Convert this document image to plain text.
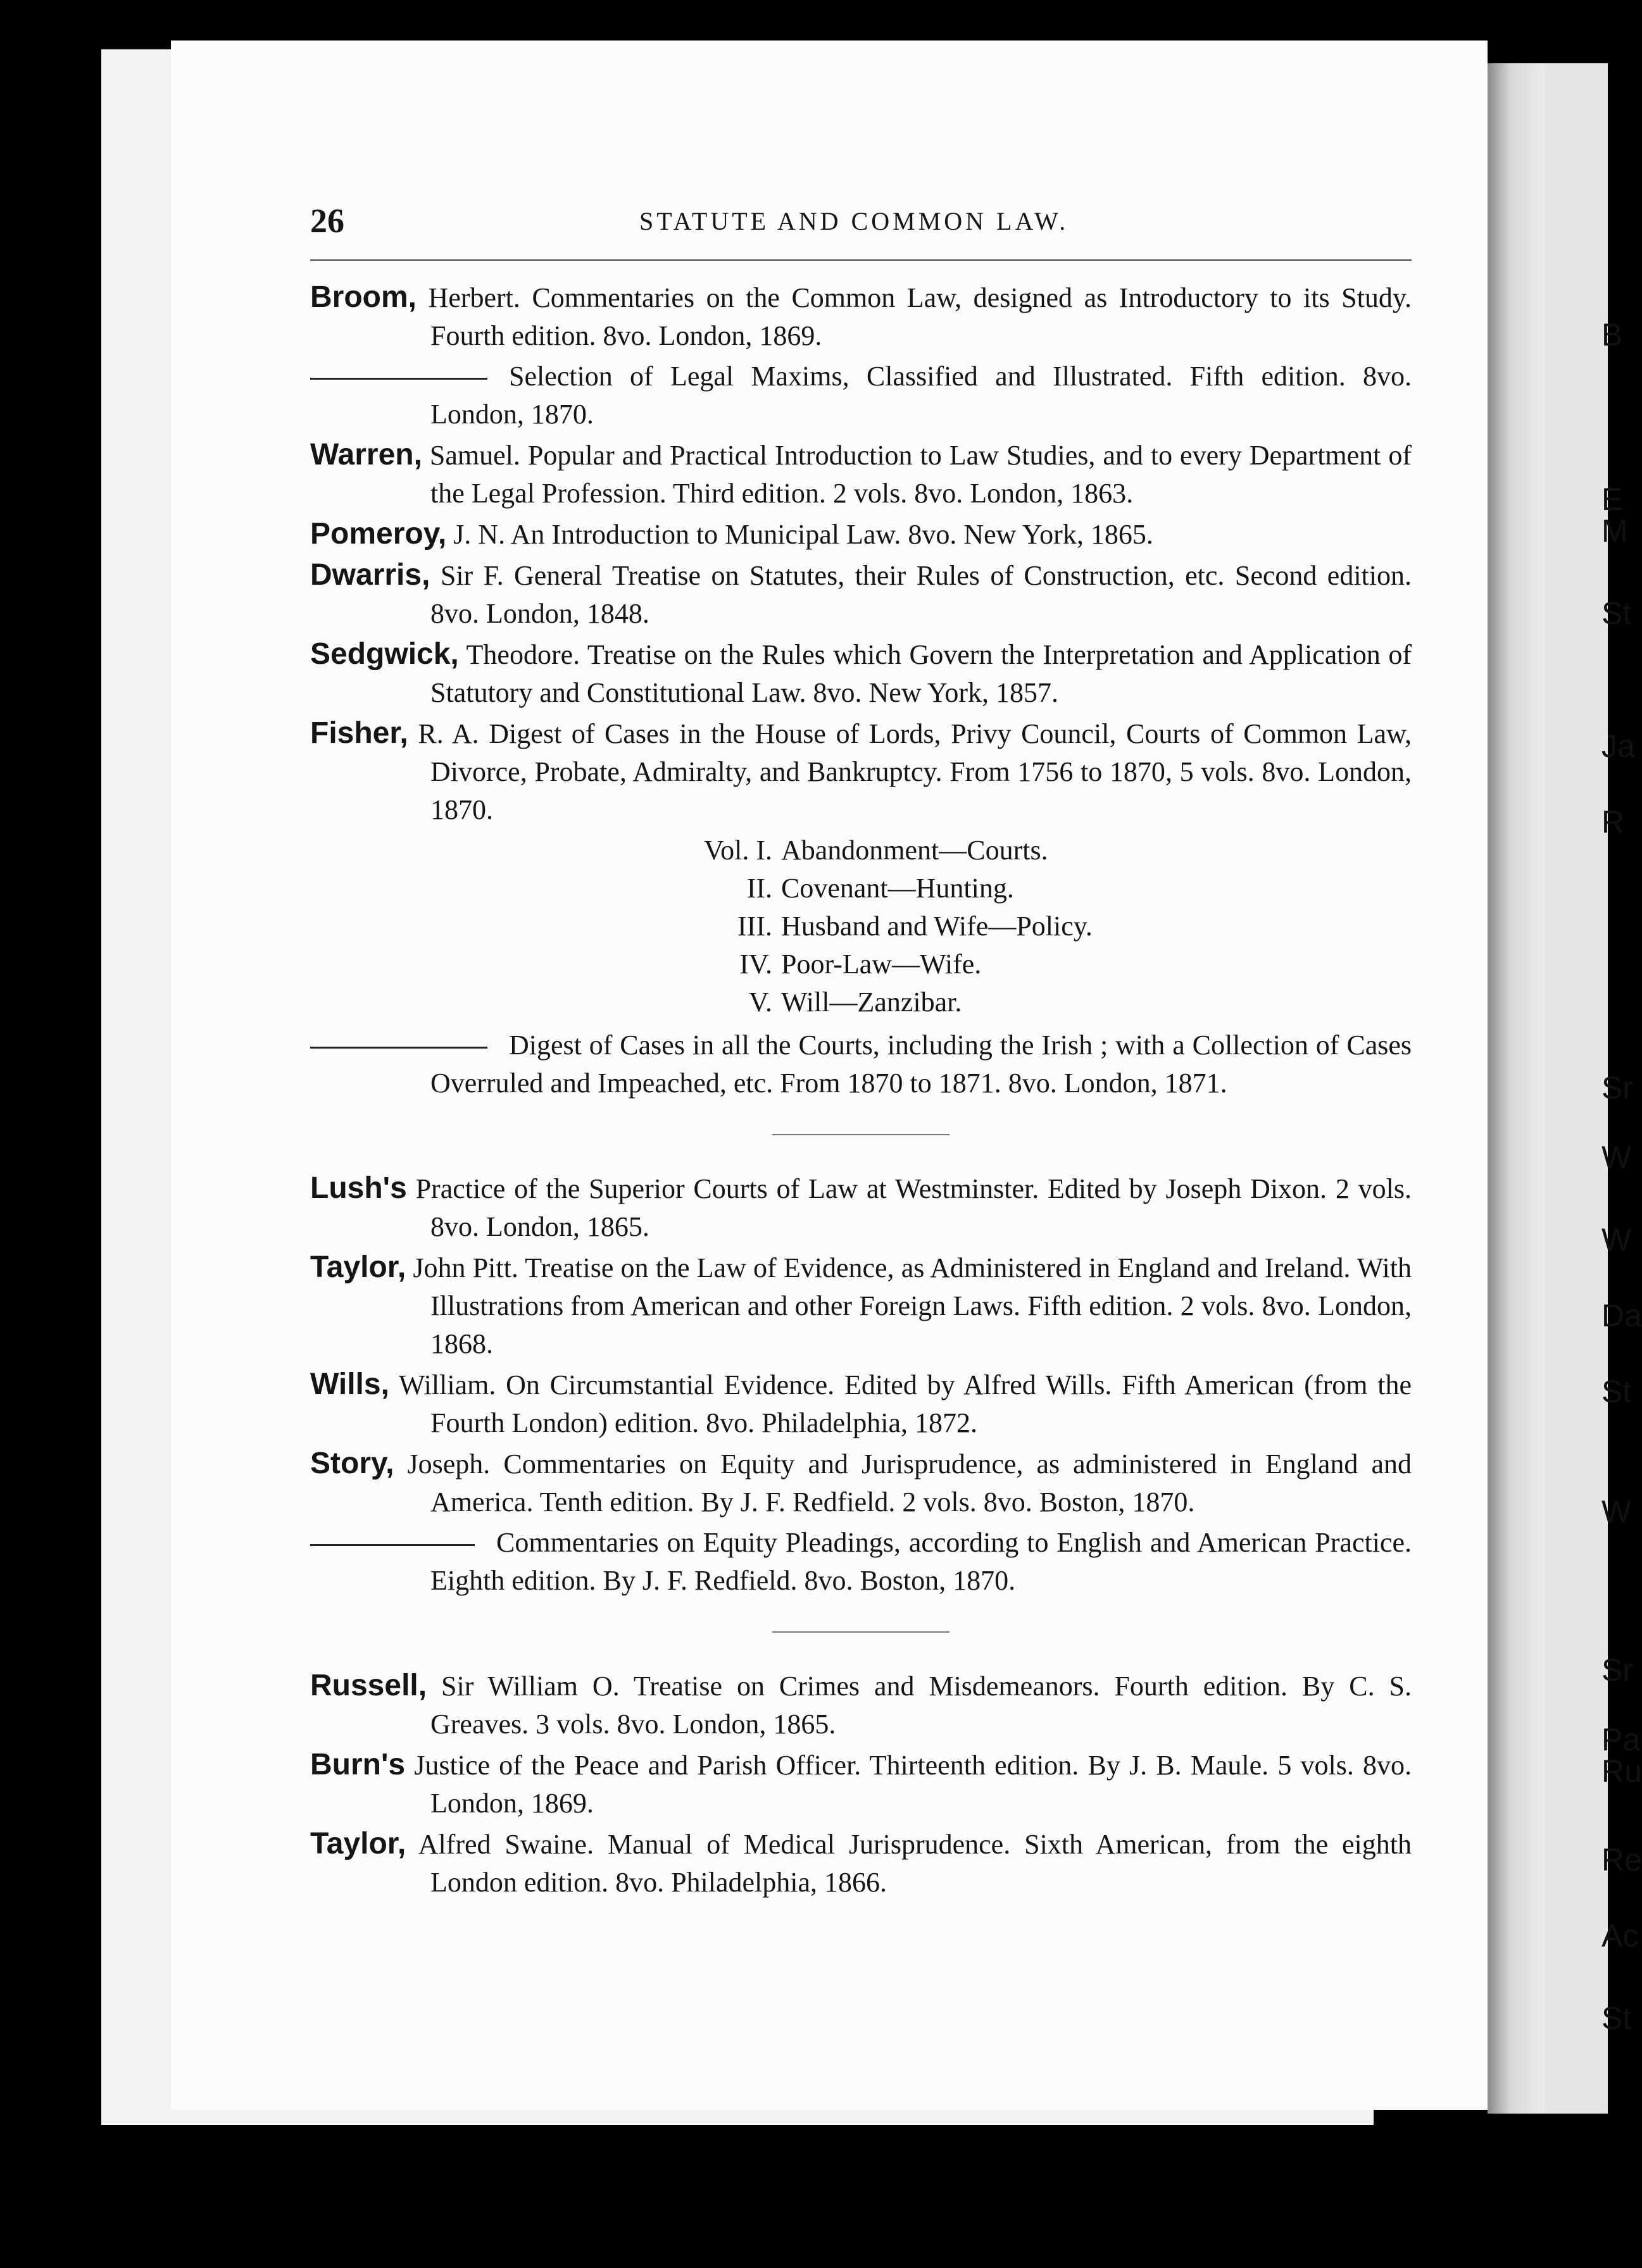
B
E
M
St
Ja
R
Sr
W
W
Da
St
W
Sr
Pa
Ru
Re
Ac
St
26	STATUTE AND COMMON LAW.

Broom, Herbert. Commentaries on the Common Law, designed as Introductory to its Study. Fourth edition. 8vo. London, 1869.

Selection of Legal Maxims, Classified and Illustrated. Fifth edition. 8vo. London, 1870.

Warren, Samuel. Popular and Practical Introduction to Law Studies, and to every Department of the Legal Profession. Third edition. 2 vols. 8vo. London, 1863.

Pomeroy, J. N. An Introduction to Municipal Law. 8vo. New York, 1865.

Dwarris, Sir F. General Treatise on Statutes, their Rules of Construction, etc. Second edition. 8vo. London, 1848.

Sedgwick, Theodore. Treatise on the Rules which Govern the Interpretation and Application of Statutory and Constitutional Law. 8vo. New York, 1857.

Fisher, R. A. Digest of Cases in the House of Lords, Privy Council, Courts of Common Law, Divorce, Probate, Admiralty, and Bankruptcy. From 1756 to 1870, 5 vols. 8vo. London, 1870.

Vol. I. Abandonment—Courts.
II. Covenant—Hunting.
III. Husband and Wife—Policy.
IV. Poor-Law—Wife.
V. Will—Zanzibar.

Digest of Cases in all the Courts, including the Irish ; with a Collection of Cases Overruled and Impeached, etc. From 1870 to 1871. 8vo. London, 1871.

Lush's Practice of the Superior Courts of Law at Westminster. Edited by Joseph Dixon. 2 vols. 8vo. London, 1865.

Taylor, John Pitt. Treatise on the Law of Evidence, as Administered in England and Ireland. With Illustrations from American and other Foreign Laws. Fifth edition. 2 vols. 8vo. London, 1868.

Wills, William. On Circumstantial Evidence. Edited by Alfred Wills. Fifth American (from the Fourth London) edition. 8vo. Philadelphia, 1872.

Story, Joseph. Commentaries on Equity and Jurisprudence, as administered in England and America. Tenth edition. By J. F. Redfield. 2 vols. 8vo. Boston, 1870.

Commentaries on Equity Pleadings, according to English and American Practice. Eighth edition. By J. F. Redfield. 8vo. Boston, 1870.

Russell, Sir William O. Treatise on Crimes and Misdemeanors. Fourth edition. By C. S. Greaves. 3 vols. 8vo. London, 1865.

Burn's Justice of the Peace and Parish Officer. Thirteenth edition. By J. B. Maule. 5 vols. 8vo. London, 1869.

Taylor, Alfred Swaine. Manual of Medical Jurisprudence. Sixth American, from the eighth London edition. 8vo. Philadelphia, 1866.
